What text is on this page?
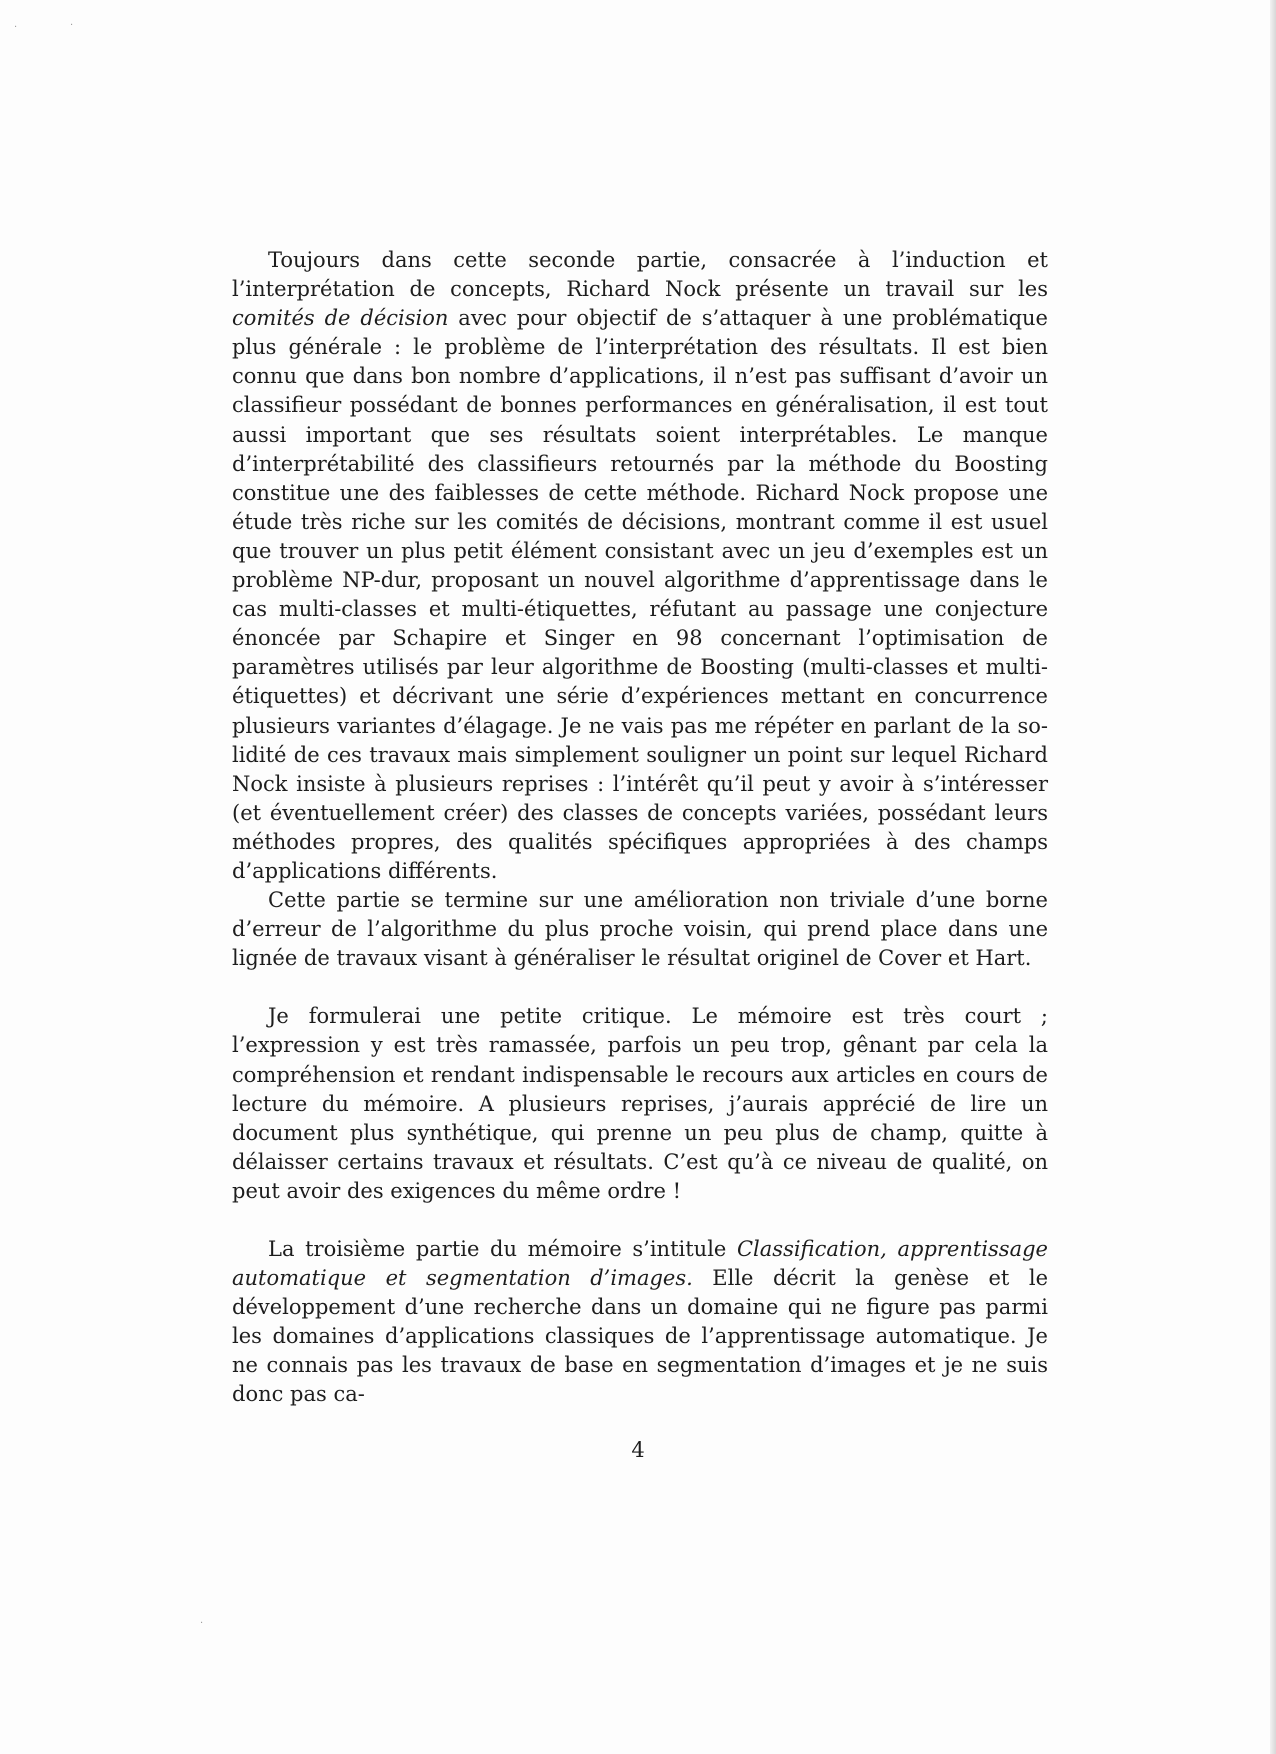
·	·
·

Toujours dans cette seconde partie, consacrée à l’induction et l’interprétation de concepts, Richard Nock présente un travail sur les comités de décision avec pour objectif de s’attaquer à une problématique plus générale : le problème de l’interprétation des résultats. Il est bien connu que dans bon nombre d’applications, il n’est pas suffisant d’avoir un classifieur possédant de bonnes performances en généralisation, il est tout aussi important que ses résultats soient interprétables. Le manque d’interprétabilité des classifieurs retournés par la méthode du Boosting constitue une des faiblesses de cette méthode. Richard Nock propose une étude très riche sur les comités de décisions, montrant comme il est usuel que trouver un plus petit élément consistant avec un jeu d’exemples est un problème NP-dur, proposant un nouvel algorithme d’apprentissage dans le cas multi-classes et multi-étiquettes, réfutant au passage une conjecture énoncée par Schapire et Singer en 98 concernant l’optimisation de paramètres utilisés par leur algorithme de Boosting (multi-classes et multi-étiquettes) et décrivant une série d’expériences mettant en concurrence plusieurs variantes d’élagage. Je ne vais pas me répéter en parlant de la solidité de ces travaux mais simplement souligner un point sur lequel Richard Nock insiste à plusieurs reprises : l’intérêt qu’il peut y avoir à s’intéresser (et éventuellement créer) des classes de concepts variées, possédant leurs méthodes propres, des qualités spécifiques appropriées à des champs d’applications différents.

Cette partie se termine sur une amélioration non triviale d’une borne d’erreur de l’algorithme du plus proche voisin, qui prend place dans une lignée de travaux visant à généraliser le résultat originel de Cover et Hart.

Je formulerai une petite critique. Le mémoire est très court ; l’expression y est très ramassée, parfois un peu trop, gênant par cela la compréhension et rendant indispensable le recours aux articles en cours de lecture du mémoire. A plusieurs reprises, j’aurais apprécié de lire un document plus synthétique, qui prenne un peu plus de champ, quitte à délaisser certains travaux et résultats. C’est qu’à ce niveau de qualité, on peut avoir des exigences du même ordre !

La troisième partie du mémoire s’intitule Classification, apprentissage automatique et segmentation d’images. Elle décrit la genèse et le développement d’une recherche dans un domaine qui ne figure pas parmi les domaines d’applications classiques de l’apprentissage automatique. Je ne connais pas les travaux de base en segmentation d’images et je ne suis donc pas ca-

4
